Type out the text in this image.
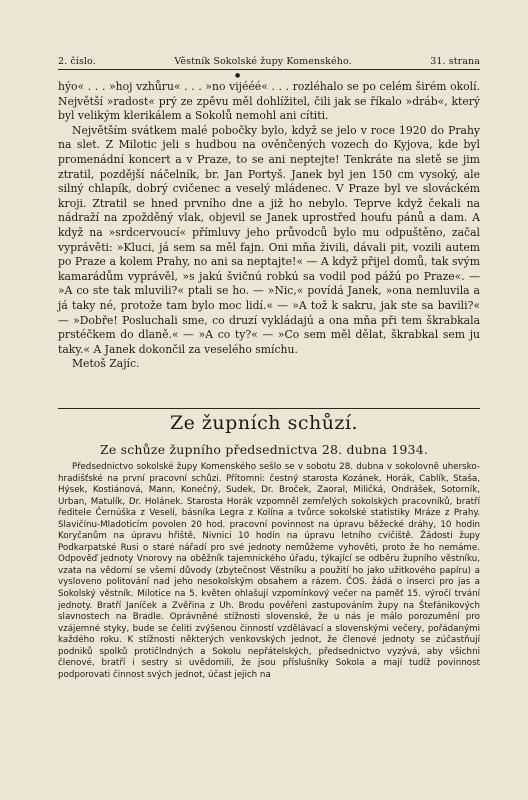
2. číslo.	Věstník Sokolské župy Komenského.	31. strana
●

hýo« . . . »hoj vzhůru« . . . »no vijééé« . . . rozléhalo se po celém širém okolí. Největší »radost« prý ze zpěvu měl dohlížitel, čili jak se říkalo »dráb«, který byl velikým klerikálem a Sokolů nemohl ani cítiti.

Největším svátkem malé pobočky bylo, když se jelo v roce 1920 do Prahy na slet. Z Milotic jeli s hudbou na ověnčených vozech do Kyjova, kde byl promenádní koncert a v Praze, to se ani neptejte! Tenkráte na sletě se jim ztratil, pozdější náčelník, br. Jan Portyš. Janek byl jen 150 cm vysoký, ale silný chlapík, dobrý cvičenec a veselý mládenec. V Praze byl ve slováckém kroji. Ztratil se hned prvního dne a již ho nebylo. Teprve když čekali na nádraží na zpožděný vlak, objevil se Janek uprostřed houfu pánů a dam. A když na »srdcervoucí« přímluvy jeho průvodců bylo mu odpuštěno, začal vyprávěti: »Kluci, já sem sa měl fajn. Oni mňa živili, dávali pit, vozili autem po Praze a kolem Prahy, no ani sa neptajte!« — A když přijel domů, tak svým kamarádům vyprávěl, »s jakú švičnú robkú sa vodil pod pážú po Praze«. — »A co ste tak mluvili?« ptali se ho. — »Nic,« povídá Janek, »ona nemluvila a já taky né, protože tam bylo moc lidí.« — »A tož k sakru, jak ste sa bavili?« — »Dobře! Posluchali sme, co druzí vykládajú a ona mňa při tem škrabkala prstéčkem do dlaně.« — »A co ty?« — »Co sem měl dělat, škrabkal sem ju taky.« A Janek dokončil za veselého smíchu.

Metoš Zajíc.

Ze župních schůzí.
Ze schůze župního předsednictva 28. dubna 1934.

Předsednictvo sokolské župy Komenského sešlo se v sobotu 28. dubna v sokolovně uhersko-hradišťské na první pracovní schůzi. Přítomni: čestný starosta Kozánek, Horák, Cablík, Staša, Hýsek, Kostiánová, Mann, Konečný, Sudek, Dr. Broček, Zaoral, Miličká, Ondrášek, Sotorník, Urban, Matulík, Dr. Holánek. Starosta Horák vzpomněl zemřelých sokolských pracovníků, bratří ředitele Černúška z Veselí, básníka Legra z Kolína a tvůrce sokolské statistiky Mráze z Prahy. Slavičínu-Mladoticím povolen 20 hod. pracovní povinnost na úpravu běžecké dráhy, 10 hodin Koryčanům na úpravu hřiště, Nivnici 10 hodin na úpravu letního cvičiště. Žádosti župy Podkarpatské Rusi o staré nářadí pro své jednoty nemůžeme vyhověti, proto že ho nemáme. Odpověď jednoty Vnorovy na oběžník tajemnického úřadu, týkající se odběru župního věstníku, vzata na vědomí se všemi důvody (zbytečnost Věstníku a použití ho jako užitkového papíru) a vysloveno politování nad jeho nesokolským obsahem a rázem. ČOS. žádá o inserci pro jas a Sokolský věstník. Milotice na 5. květen ohlašují vzpomínkový večer na paměť 15. výročí trvání jednoty. Bratří Janíček a Zvěřina z Uh. Brodu pověřeni zastupováním župy na Štefánikových slavnostech na Bradle. Oprávněné stížnosti slovenské, že u nás je málo porozumění pro vzájemné styky, bude se čeliti zvýšenou činností vzdělávací a slovenskými večery, pořádanými každého roku. K stížnosti některých venkovských jednot, že členové jednoty se zúčastňují podniků spolků protičlndných a Sokolu nepřátelských, předsednictvo vyzývá, aby všichni členové, bratří i sestry si uvědomili, že jsou příslušníky Sokola a mají tudíž povinnost podporovati činnost svých jednot, účast jejich na
